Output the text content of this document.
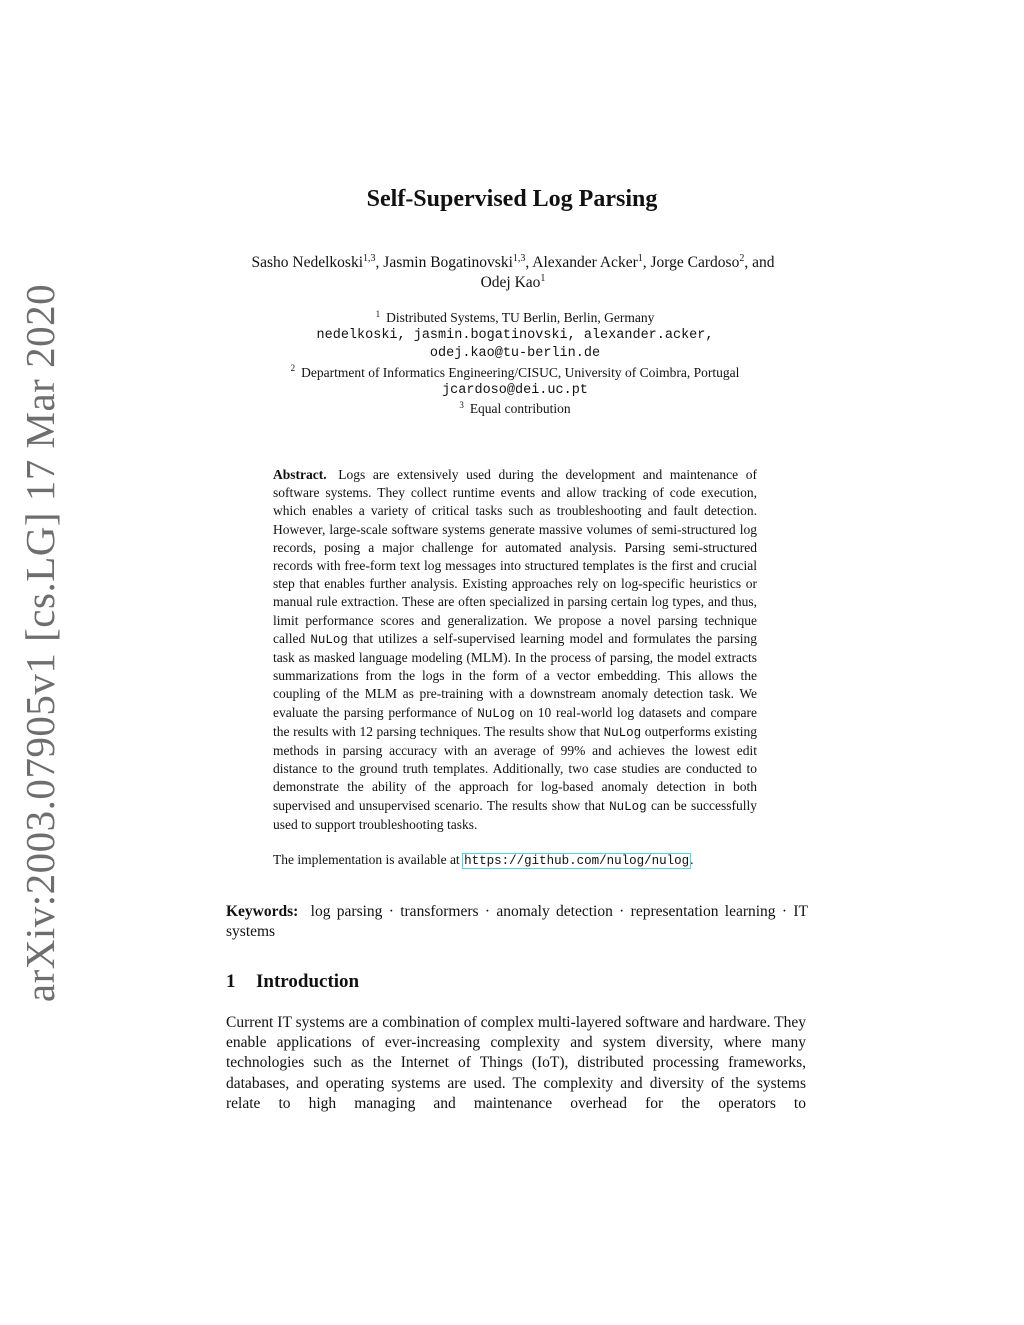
arXiv:2003.07905v1 [cs.LG] 17 Mar 2020
Self-Supervised Log Parsing
Sasho Nedelkoski$^{1,3}$, Jasmin Bogatinovski$^{1,3}$, Alexander Acker$^1$, Jorge Cardoso$^2$, and
Odej Kao$^1$
$^1$ Distributed Systems, TU Berlin, Berlin, Germany
nedelkoski, jasmin.bogatinovski, alexander.acker,
odej.kao@tu-berlin.de
$^2$ Department of Informatics Engineering/CISUC, University of Coimbra, Portugal
jcardoso@dei.uc.pt
$^3$ Equal contribution

Abstract. Logs are extensively used during the development and maintenance of software systems. They collect runtime events and allow tracking of code execution, which enables a variety of critical tasks such as troubleshooting and fault detection. However, large-scale software systems generate massive volumes of semi-structured log records, posing a major challenge for automated analysis. Parsing semi-structured records with free-form text log messages into structured templates is the first and crucial step that enables further analysis. Existing approaches rely on log-specific heuristics or manual rule extraction. These are often specialized in parsing certain log types, and thus, limit performance scores and generalization. We propose a novel parsing technique called NuLog that utilizes a self-supervised learning model and formulates the parsing task as masked language modeling (MLM). In the process of parsing, the model extracts summarizations from the logs in the form of a vector embedding. This allows the coupling of the MLM as pre-training with a downstream anomaly detection task. We evaluate the parsing performance of NuLog on 10 real-world log datasets and compare the results with 12 parsing techniques. The results show that NuLog outperforms existing methods in parsing accuracy with an average of 99% and achieves the lowest edit distance to the ground truth templates. Additionally, two case studies are conducted to demonstrate the ability of the approach for log-based anomaly detection in both supervised and unsupervised scenario. The results show that NuLog can be successfully used to support troubleshooting tasks.

The implementation is available at https://github.com/nulog/nulog.

Keywords: log parsing · transformers · anomaly detection · representation learning · IT systems

1 Introduction

Current IT systems are a combination of complex multi-layered software and hardware. They enable applications of ever-increasing complexity and system diversity, where many technologies such as the Internet of Things (IoT), distributed processing frameworks, databases, and operating systems are used. The complexity and diversity of the systems relate to high managing and maintenance overhead for the operators to
